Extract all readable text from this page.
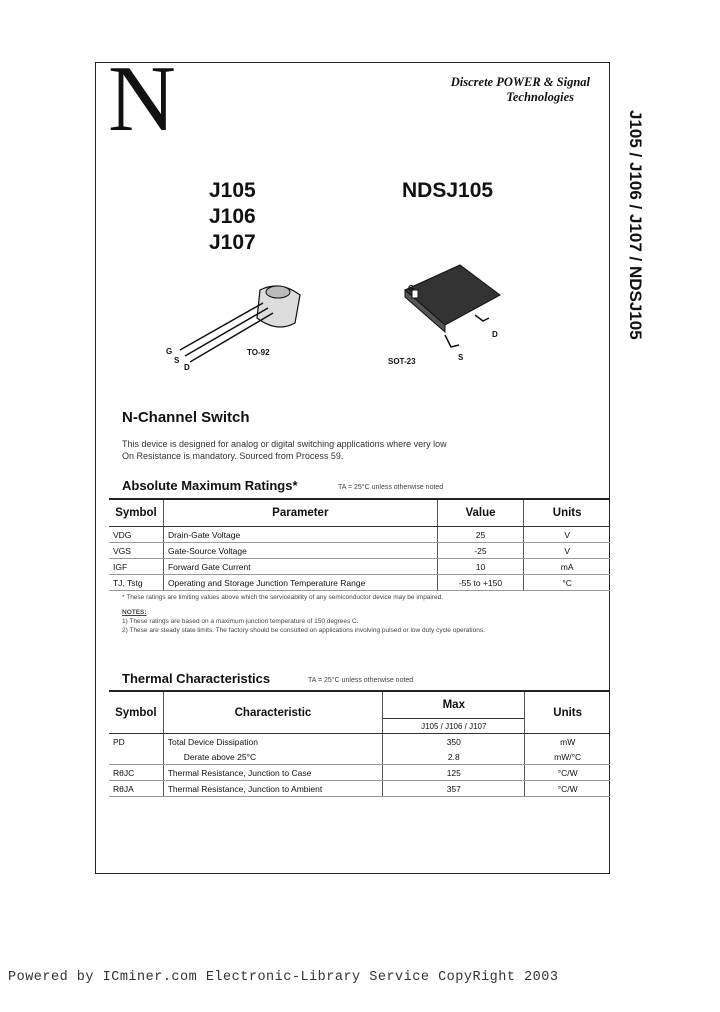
N	Discrete POWER & Signal
Technologies
J105 / J106 / J107 / NDSJ105
J105
J106
J107
NDSJ105
G
S
D
TO-92
G
D
S
SOT-23
N-Channel Switch
This device is designed for analog or digital switching applications where very low On Resistance is mandatory. Sourced from Process 59.
Absolute Maximum Ratings*	TA = 25°C unless otherwise noted
Symbol	Parameter	Value	Units
VDG	Drain-Gate Voltage	25	V
VGS	Gate-Source Voltage	-25	V
IGF	Forward Gate Current	10	mA
TJ, Tstg	Operating and Storage Junction Temperature Range	-55 to +150	°C
* These ratings are limiting values above which the serviceability of any semiconductor device may be impaired.
NOTES:
1) These ratings are based on a maximum junction temperature of 150 degrees C.
2) These are steady state limits. The factory should be consulted on applications involving pulsed or low duty cycle operations.
Thermal Characteristics	TA = 25°C unless otherwise noted
Symbol	Characteristic	Max	Units
		J105 / J106 / J107	
PD	Total Device Dissipation	350	mW
	Derate above 25°C	2.8	mW/°C
RθJC	Thermal Resistance, Junction to Case	125	°C/W
RθJA	Thermal Resistance, Junction to Ambient	357	°C/W
Powered by ICminer.com Electronic-Library Service CopyRight 2003
